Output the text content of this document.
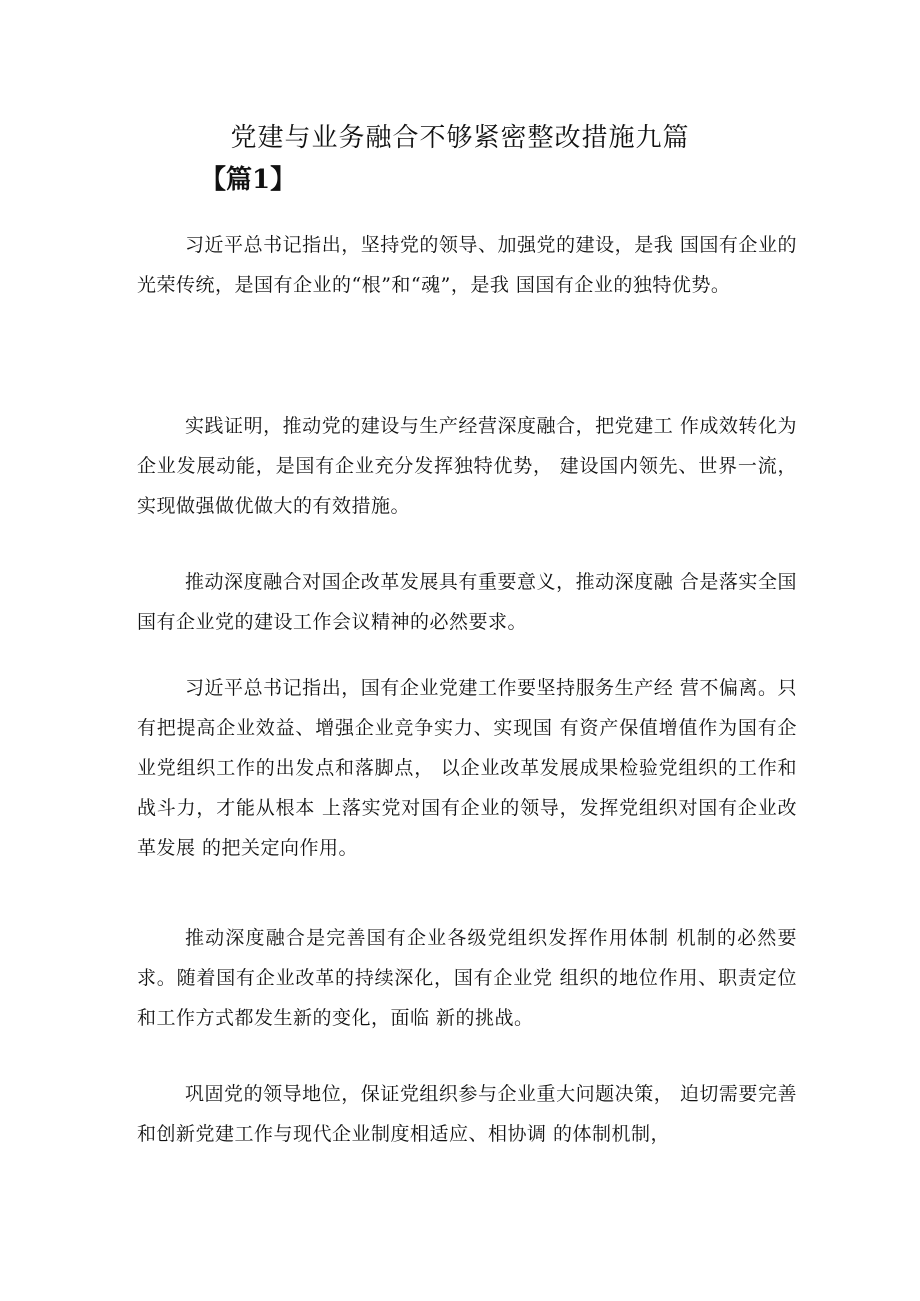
党建与业务融合不够紧密整改措施九篇
【篇1】

习近平总书记指出，坚持党的领导、加强党的建设，是我 国国有企业的光荣传统，是国有企业的“根”和“魂”，是我 国国有企业的独特优势。

实践证明，推动党的建设与生产经营深度融合，把党建工 作成效转化为企业发展动能，是国有企业充分发挥独特优势， 建设国内领先、世界一流，实现做强做优做大的有效措施。

推动深度融合对国企改革发展具有重要意义，推动深度融 合是落实全国国有企业党的建设工作会议精神的必然要求。

习近平总书记指出，国有企业党建工作要坚持服务生产经 营不偏离。只有把提高企业效益、增强企业竞争实力、实现国 有资产保值增值作为国有企业党组织工作的出发点和落脚点， 以企业改革发展成果检验党组织的工作和战斗力，才能从根本 上落实党对国有企业的领导，发挥党组织对国有企业改革发展 的把关定向作用。

推动深度融合是完善国有企业各级党组织发挥作用体制 机制的必然要求。随着国有企业改革的持续深化，国有企业党 组织的地位作用、职责定位和工作方式都发生新的变化，面临 新的挑战。

巩固党的领导地位，保证党组织参与企业重大问题决策， 迫切需要完善和创新党建工作与现代企业制度相适应、相协调 的体制机制，
